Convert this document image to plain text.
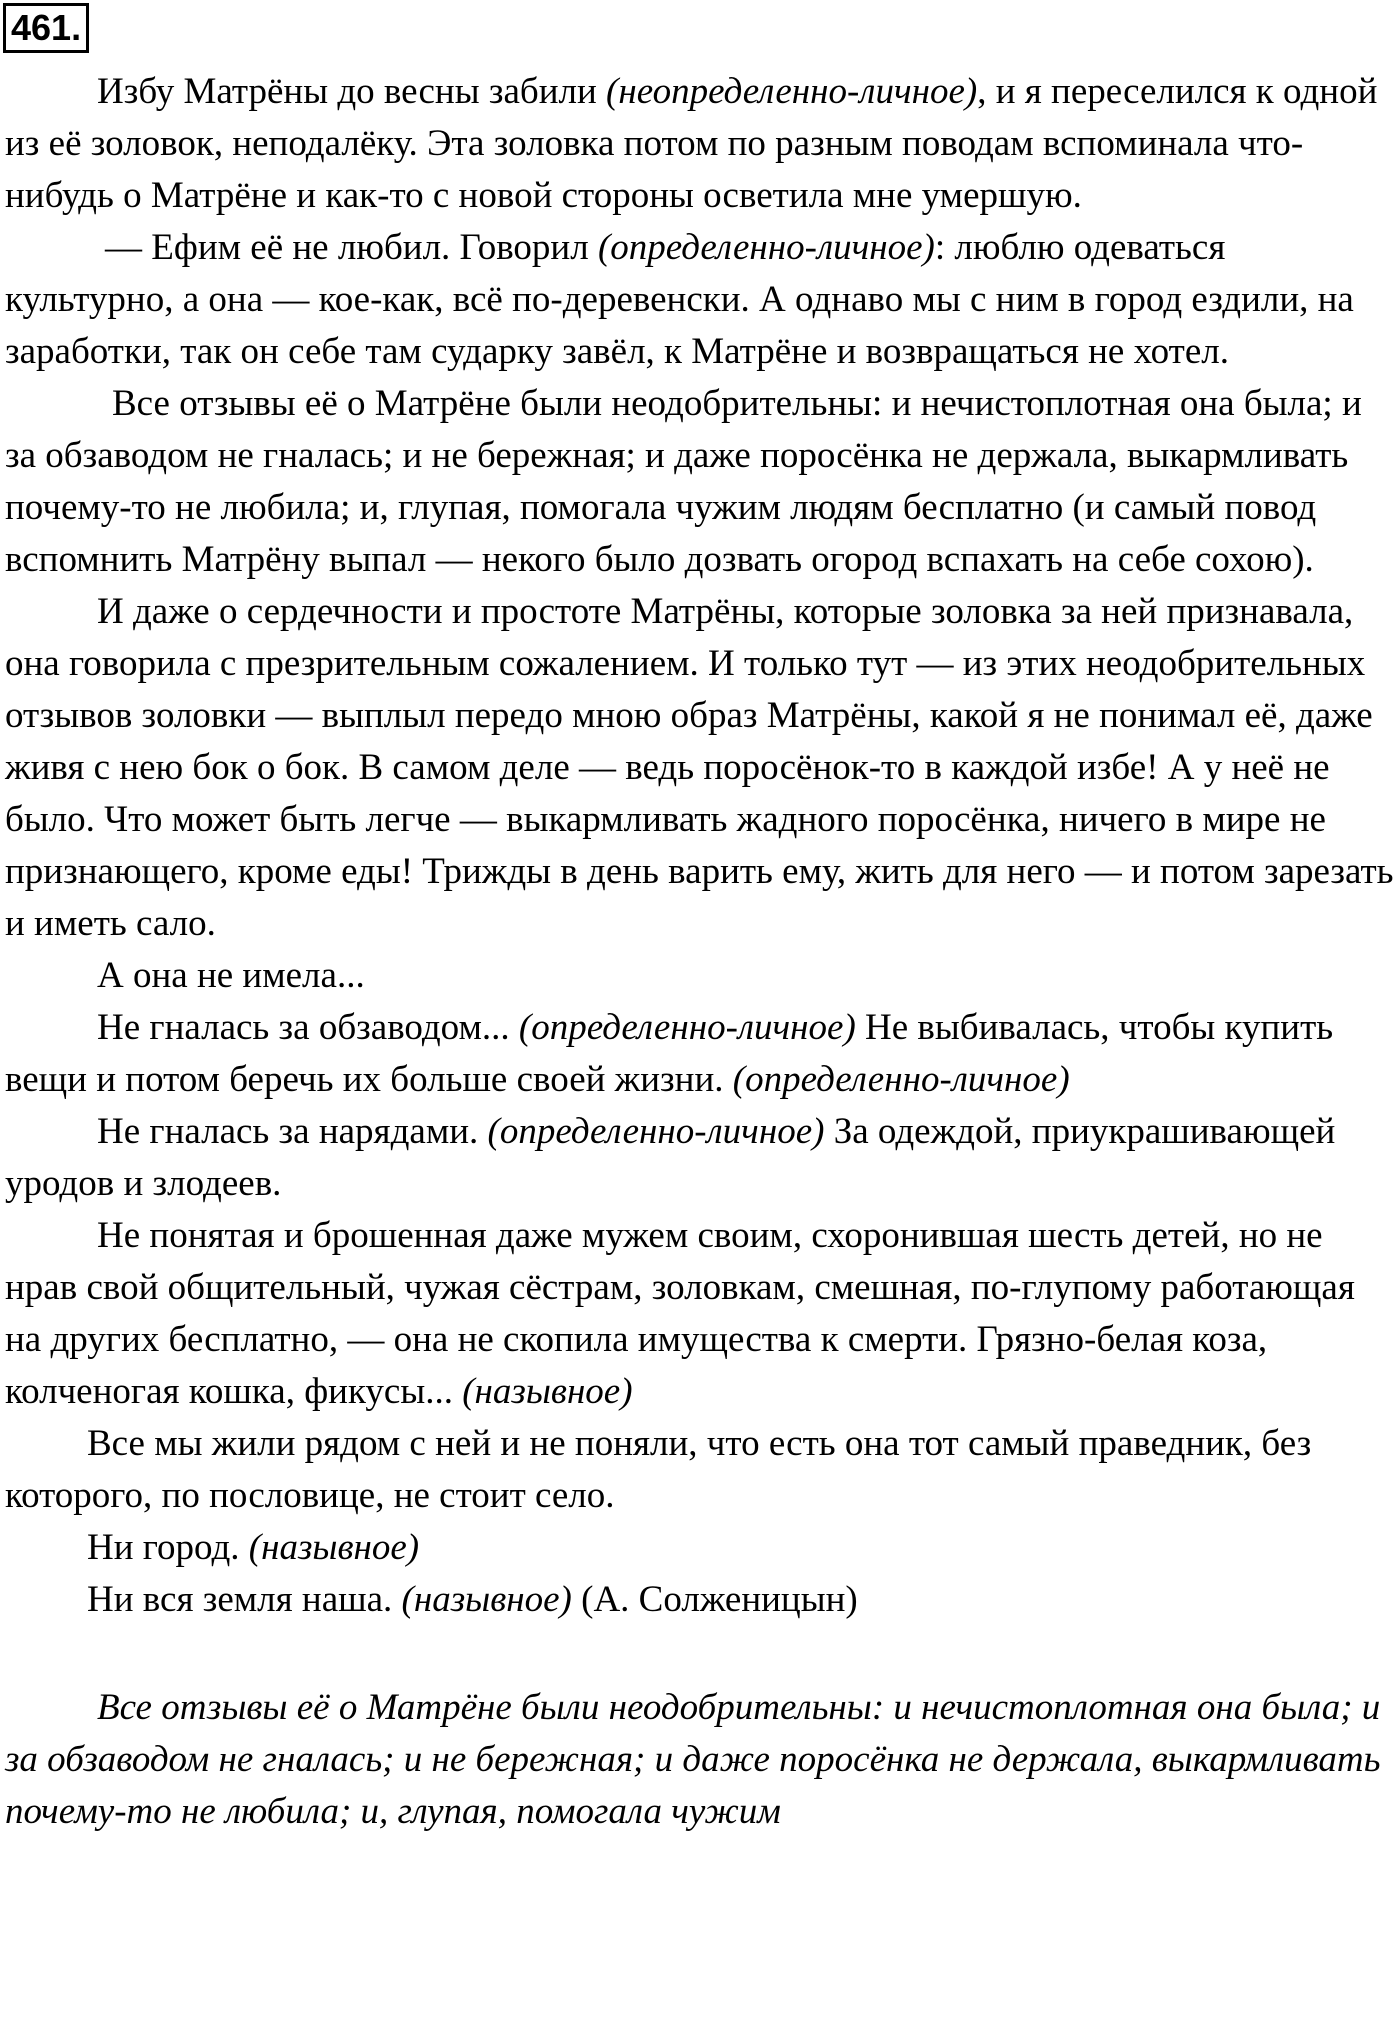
461.

Избу Матрёны до весны забили (неопределенно-личное), и я переселился к одной из её золовок, неподалёку. Эта золовка потом по разным поводам вспоминала что-нибудь о Матрёне и как-то с новой стороны осветила мне умершую.

— Ефим её не любил. Говорил (определенно-личное): люблю одеваться культурно, а она — кое-как, всё по-деревенски. А однаво мы с ним в город ездили, на заработки, так он себе там сударку завёл, к Матрёне и возвращаться не хотел.

Все отзывы её о Матрёне были неодобрительны: и нечистоплотная она была; и за обзаводом не гналась; и не бережная; и даже поросёнка не держала, выкармливать почему-то не любила; и, глупая, помогала чужим людям бесплатно (и самый повод вспомнить Матрёну выпал — некого было дозвать огород вспахать на себе сохою).

И даже о сердечности и простоте Матрёны, которые золовка за ней признавала, она говорила с презрительным сожалением. И только тут — из этих неодобрительных отзывов золовки — выплыл передо мною образ Матрёны, какой я не понимал её, даже живя с нею бок о бок. В самом деле — ведь поросёнок-то в каждой избе! А у неё не было. Что может быть легче — выкармливать жадного поросёнка, ничего в мире не признающего, кроме еды! Трижды в день варить ему, жить для него — и потом зарезать и иметь сало.

А она не имела...

Не гналась за обзаводом... (определенно-личное) Не выбивалась, чтобы купить вещи и потом беречь их больше своей жизни. (определенно-личное)

Не гналась за нарядами. (определенно-личное) За одеждой, приукрашивающей уродов и злодеев.

Не понятая и брошенная даже мужем своим, схоронившая шесть детей, но не нрав свой общительный, чужая сёстрам, золовкам, смешная, по-глупому работающая на других бесплатно, — она не скопила имущества к смерти. Грязно-белая коза, колченогая кошка, фикусы... (назывное)

Все мы жили рядом с ней и не поняли, что есть она тот самый праведник, без которого, по пословице, не стоит село.

Ни город. (назывное)

Ни вся земля наша. (назывное) (А. Солженицын)

Все отзывы её о Матрёне были неодобрительны: и нечистоплотная она была; и за обзаводом не гналась; и не бережная; и даже поросёнка не держала, выкармливать почему-то не любила; и, глупая, помогала чужим
